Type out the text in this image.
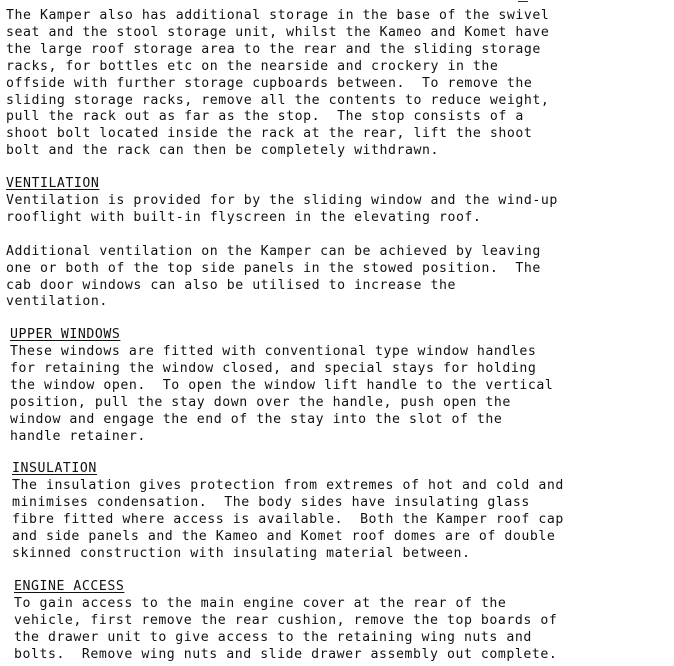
The Kamper also has additional storage in the base of the swivel
seat and the stool storage unit, whilst the Kameo and Komet have
the large roof storage area to the rear and the sliding storage
racks, for bottles etc on the nearside and crockery in the
offside with further storage cupboards between.  To remove the
sliding storage racks, remove all the contents to reduce weight,
pull the rack out as far as the stop.  The stop consists of a
shoot bolt located inside the rack at the rear, lift the shoot
bolt and the rack can then be completely withdrawn.

VENTILATION

Ventilation is provided for by the sliding window and the wind-up
rooflight with built-in flyscreen in the elevating roof.

Additional ventilation on the Kamper can be achieved by leaving
one or both of the top side panels in the stowed position.  The
cab door windows can also be utilised to increase the
ventilation.

UPPER WINDOWS

These windows are fitted with conventional type window handles
for retaining the window closed, and special stays for holding
the window open.  To open the window lift handle to the vertical
position, pull the stay down over the handle, push open the
window and engage the end of the stay into the slot of the
handle retainer.

INSULATION

The insulation gives protection from extremes of hot and cold and
minimises condensation.  The body sides have insulating glass
fibre fitted where access is available.  Both the Kamper roof cap
and side panels and the Kameo and Komet roof domes are of double
skinned construction with insulating material between.

ENGINE ACCESS

To gain access to the main engine cover at the rear of the
vehicle, first remove the rear cushion, remove the top boards of
the drawer unit to give access to the retaining wing nuts and
bolts.  Remove wing nuts and slide drawer assembly out complete.
